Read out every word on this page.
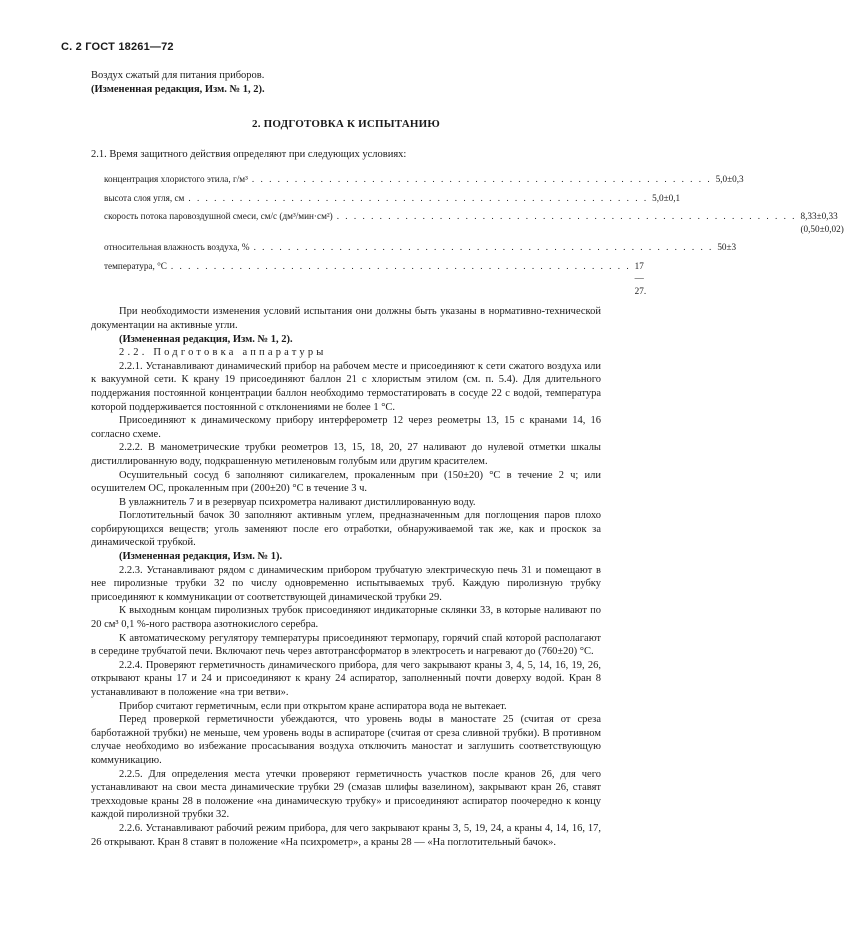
С. 2 ГОСТ 18261—72

Воздух сжатый для питания приборов.

(Измененная редакция, Изм. № 1, 2).

2. ПОДГОТОВКА К ИСПЫТАНИЮ

2.1. Время защитного действия определяют при следующих условиях:

концентрация хлористого этила, г/м³ . . . . . . . . . . . . . . . . . . . . . . . . . . . . . . . . . . . . . . . . . . . . . . . . . . . . . . 5,0±0,3
высота слоя угля, см . . . . . . . . . . . . . . . . . . . . . . . . . . . . . . . . . . . . . . . . . . . . . . . . . . . . . . 5,0±0,1
скорость потока паровоздушной смеси, см/с (дм³/мин·см²) . . . . . . . . . . . . . . . . . . . . . . . . . . . . . . . . . . . . . . . . . . . . . . . . . . . . . . 8,33±0,33
(0,50±0,02)
относительная влажность воздуха, % . . . . . . . . . . . . . . . . . . . . . . . . . . . . . . . . . . . . . . . . . . . . . . . . . . . . . . 50±3
температура, °С . . . . . . . . . . . . . . . . . . . . . . . . . . . . . . . . . . . . . . . . . . . . . . . . . . . . . . 17—27.

При необходимости изменения условий испытания они должны быть указаны в нормативно-технической документации на активные угли.

(Измененная редакция, Изм. № 1, 2).

2.2. Подготовка аппаратуры

2.2.1. Устанавливают динамический прибор на рабочем месте и присоединяют к сети сжатого воздуха или к вакуумной сети. К крану 19 присоединяют баллон 21 с хлористым этилом (см. п. 5.4). Для длительного поддержания постоянной концентрации баллон необходимо термостатировать в сосуде 22 с водой, температура которой поддерживается постоянной с отклонениями не более 1 °С.

Присоединяют к динамическому прибору интерферометр 12 через реометры 13, 15 с кранами 14, 16 согласно схеме.

2.2.2. В манометрические трубки реометров 13, 15, 18, 20, 27 наливают до нулевой отметки шкалы дистиллированную воду, подкрашенную метиленовым голубым или другим красителем.

Осушительный сосуд 6 заполняют силикагелем, прокаленным при (150±20) °С в течение 2 ч; или осушителем ОС, прокаленным при (200±20) °С в течение 3 ч.

В увлажнитель 7 и в резервуар психрометра наливают дистиллированную воду.

Поглотительный бачок 30 заполняют активным углем, предназначенным для поглощения паров плохо сорбирующихся веществ; уголь заменяют после его отработки, обнаруживаемой так же, как и проскок за динамической трубкой.

(Измененная редакция, Изм. № 1).

2.2.3. Устанавливают рядом с динамическим прибором трубчатую электрическую печь 31 и помещают в нее пиролизные трубки 32 по числу одновременно испытываемых труб. Каждую пиролизную трубку присоединяют к коммуникации от соответствующей динамической трубки 29.

К выходным концам пиролизных трубок присоединяют индикаторные склянки 33, в которые наливают по 20 см³ 0,1 %-ного раствора азотнокислого серебра.

К автоматическому регулятору температуры присоединяют термопару, горячий спай которой располагают в середине трубчатой печи. Включают печь через автотрансформатор в электросеть и нагревают до (760±20) °С.

2.2.4. Проверяют герметичность динамического прибора, для чего закрывают краны 3, 4, 5, 14, 16, 19, 26, открывают краны 17 и 24 и присоединяют к крану 24 аспиратор, заполненный почти доверху водой. Кран 8 устанавливают в положение «на три ветви».

Прибор считают герметичным, если при открытом кране аспиратора вода не вытекает.

Перед проверкой герметичности убеждаются, что уровень воды в маностате 25 (считая от среза барботажной трубки) не меньше, чем уровень воды в аспираторе (считая от среза сливной трубки). В противном случае необходимо во избежание просасывания воздуха отключить маностат и заглушить соответствующую коммуникацию.

2.2.5. Для определения места утечки проверяют герметичность участков после кранов 26, для чего устанавливают на свои места динамические трубки 29 (смазав шлифы вазелином), закрывают кран 26, ставят трехходовые краны 28 в положение «на динамическую трубку» и присоединяют аспиратор поочередно к концу каждой пиролизной трубки 32.

2.2.6. Устанавливают рабочий режим прибора, для чего закрывают краны 3, 5, 19, 24, а краны 4, 14, 16, 17, 26 открывают. Кран 8 ставят в положение «На психрометр», а краны 28 — «На поглотительный бачок».
